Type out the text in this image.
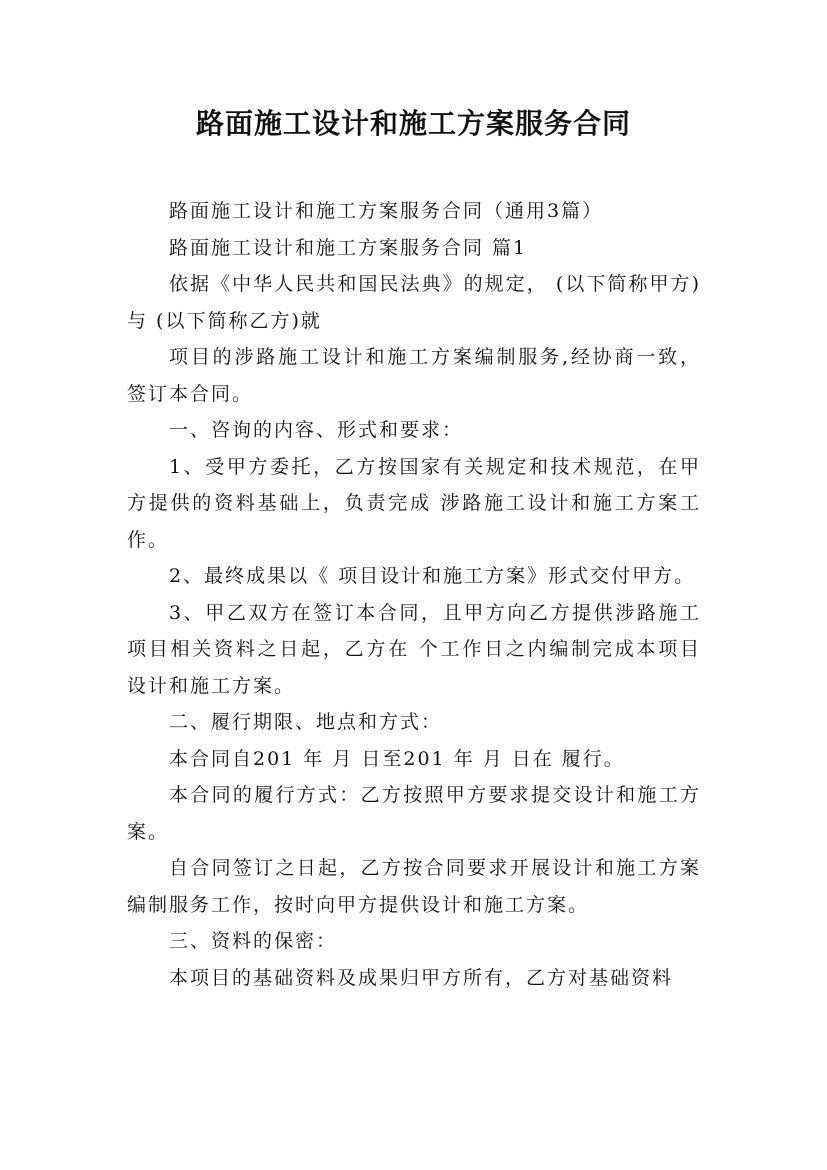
路面施工设计和施工方案服务合同

路面施工设计和施工方案服务合同（通用3篇）

路面施工设计和施工方案服务合同 篇1

依据《中华人民共和国民法典》的规定， (以下简称甲方)与 (以下简称乙方)就

项目的涉路施工设计和施工方案编制服务,经协商一致，签订本合同。

一、咨询的内容、形式和要求：

1、受甲方委托，乙方按国家有关规定和技术规范，在甲方提供的资料基础上，负责完成 涉路施工设计和施工方案工作。

2、最终成果以《 项目设计和施工方案》形式交付甲方。

3、甲乙双方在签订本合同，且甲方向乙方提供涉路施工项目相关资料之日起，乙方在 个工作日之内编制完成本项目设计和施工方案。

二、履行期限、地点和方式：

本合同自201 年 月 日至201 年 月 日在 履行。

本合同的履行方式：乙方按照甲方要求提交设计和施工方案。

自合同签订之日起，乙方按合同要求开展设计和施工方案编制服务工作，按时向甲方提供设计和施工方案。

三、资料的保密：

本项目的基础资料及成果归甲方所有，乙方对基础资料
